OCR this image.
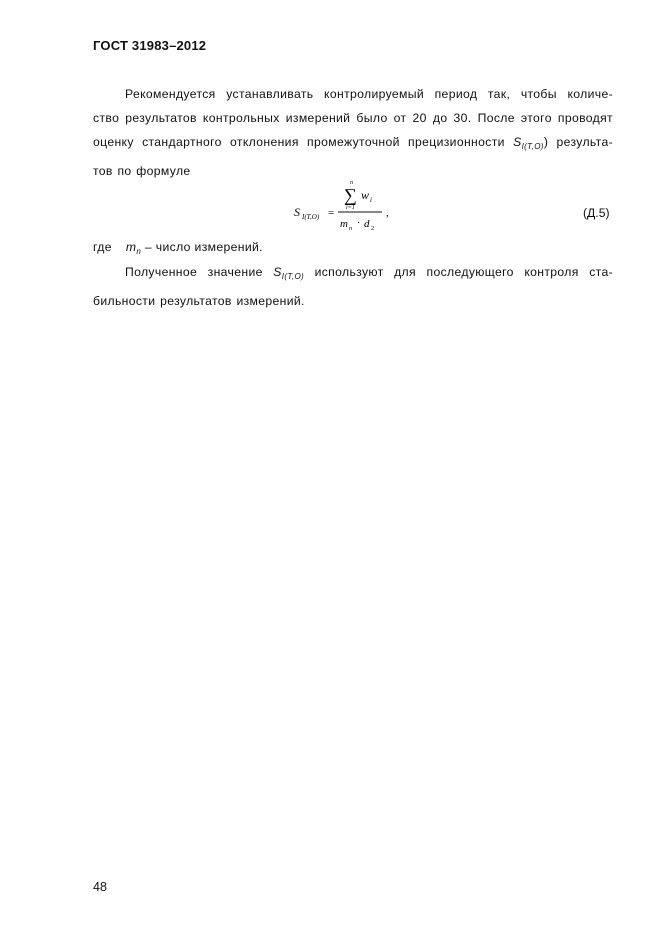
ГОСТ 31983–2012
Рекомендуется устанавливать контролируемый период так, чтобы количе-
ство результатов контрольных измерений было от 20 до 30. После этого проводят
оценку стандартного отклонения промежуточной прецизионности $S_{I(T,O)}$) результа-
тов по формуле
S I(T,O) =
n
∑
i=1
w i
m n · d 2
,	(Д.5)
где $m_n$ – число измерений.
Полученное значение $S_{I(T,O)}$ используют для последующего контроля ста-
бильности результатов измерений.
48
